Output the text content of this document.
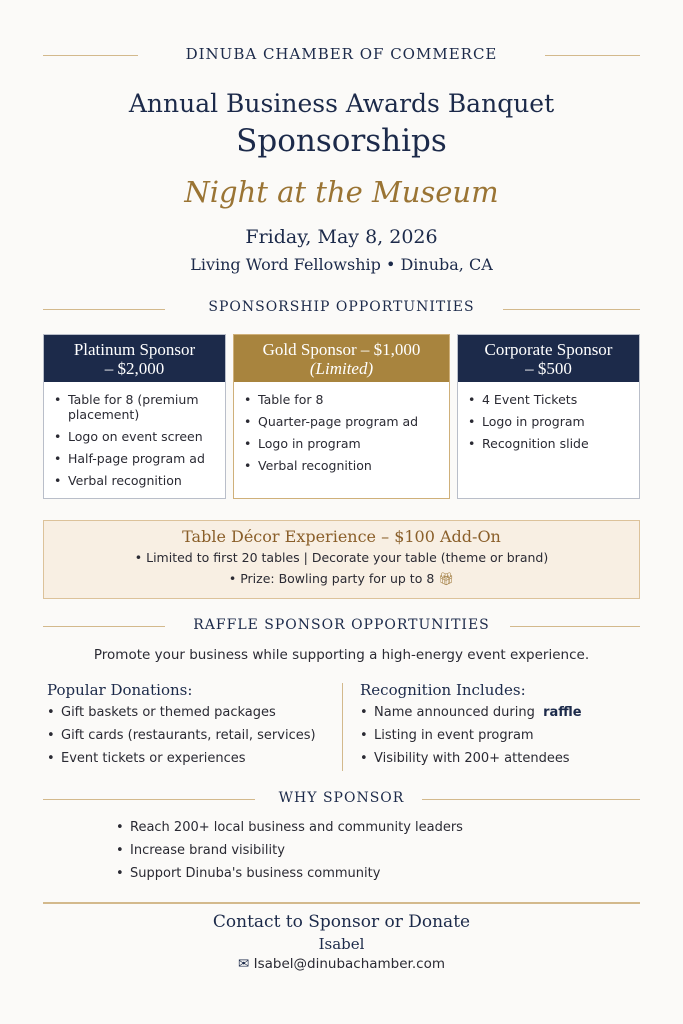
DINUBA CHAMBER OF COMMERCE
Annual Business Awards Banquet
Sponsorships
Night at the Museum
Friday, May 8, 2026
Living Word Fellowship • Dinuba, CA
SPONSORSHIP OPPORTUNITIES
Platinum Sponsor
– $2,000
• Table for 8 (premium placement)
• Logo on event screen
• Half-page program ad
• Verbal recognition
Gold Sponsor – $1,000
(Limited)
• Table for 8
• Quarter-page program ad
• Logo in program
• Verbal recognition
Corporate Sponsor
– $500
• 4 Event Tickets
• Logo in program
• Recognition slide
Table Décor Experience – $100 Add-On
• Limited to first 20 tables | Decorate your table (theme or brand)
• Prize: Bowling party for up to 8 🎁︎
RAFFLE SPONSOR OPPORTUNITIES
Promote your business while supporting a high-energy event experience.
Popular Donations:
• Gift baskets or themed packages
• Gift cards (restaurants, retail, services)
• Event tickets or experiences
Recognition Includes:
• Name announced during raffle
• Listing in event program
• Visibility with 200+ attendees
WHY SPONSOR
• Reach 200+ local business and community leaders
• Increase brand visibility
• Support Dinuba's business community
Contact to Sponsor or Donate
Isabel
✉ Isabel@dinubachamber.com
